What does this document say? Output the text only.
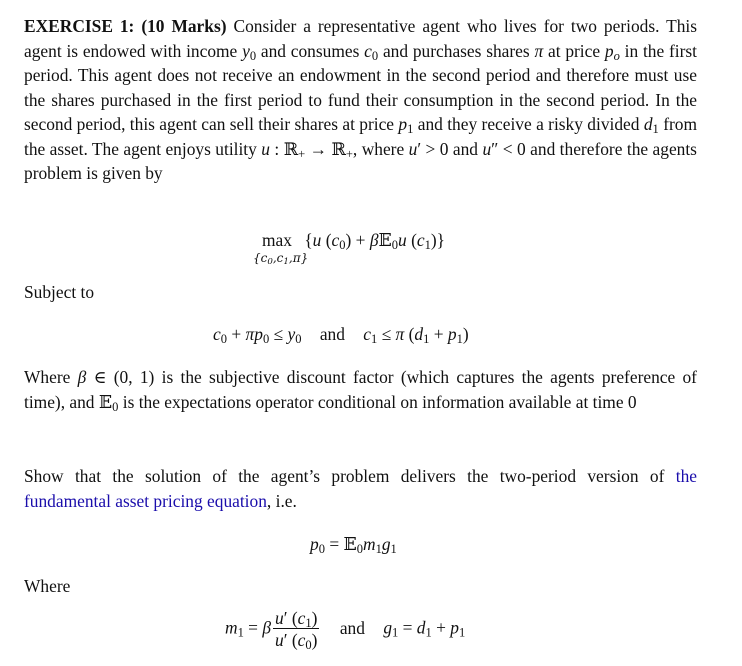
EXERCISE 1: (10 Marks) Consider a representative agent who lives for two periods. This agent is endowed with income $y_0$ and consumes $c_0$ and purchases shares π at price $p_o$ in the first period. This agent does not receive an endowment in the second period and therefore must use the shares purchased in the first period to fund their consumption in the second period. In the second period, this agent can sell their shares at price $p_1$ and they receive a risky divided $d_1$ from the asset. The agent enjoys utility u : ℝ$_+$ → ℝ$_+$, where u′ > 0 and u″ < 0 and therefore the agents problem is given by
max {u $(c_0)$ + β𝔼$_0$u $(c_1)$}
$\{c_0,c_1,\pi\}$
Subject to
$c_0 + \pi p_0 \le y_0$ and $c_1 \le \pi$ $(d_1 + p_1)$
Where β ∈ (0, 1) is the subjective discount factor (which captures the agents preference of time), and 𝔼$_0$ is the expectations operator conditional on information available at time 0
Show that the solution of the agent’s problem delivers the two-period version of the fundamental asset pricing equation, i.e.
$p_0$ = $𝔼_0m_1g_1$
Where
$m_1 = \beta \frac{u' (c_1)}{u' (c_0)}$ and $g_1 = d_1 + p_1$
